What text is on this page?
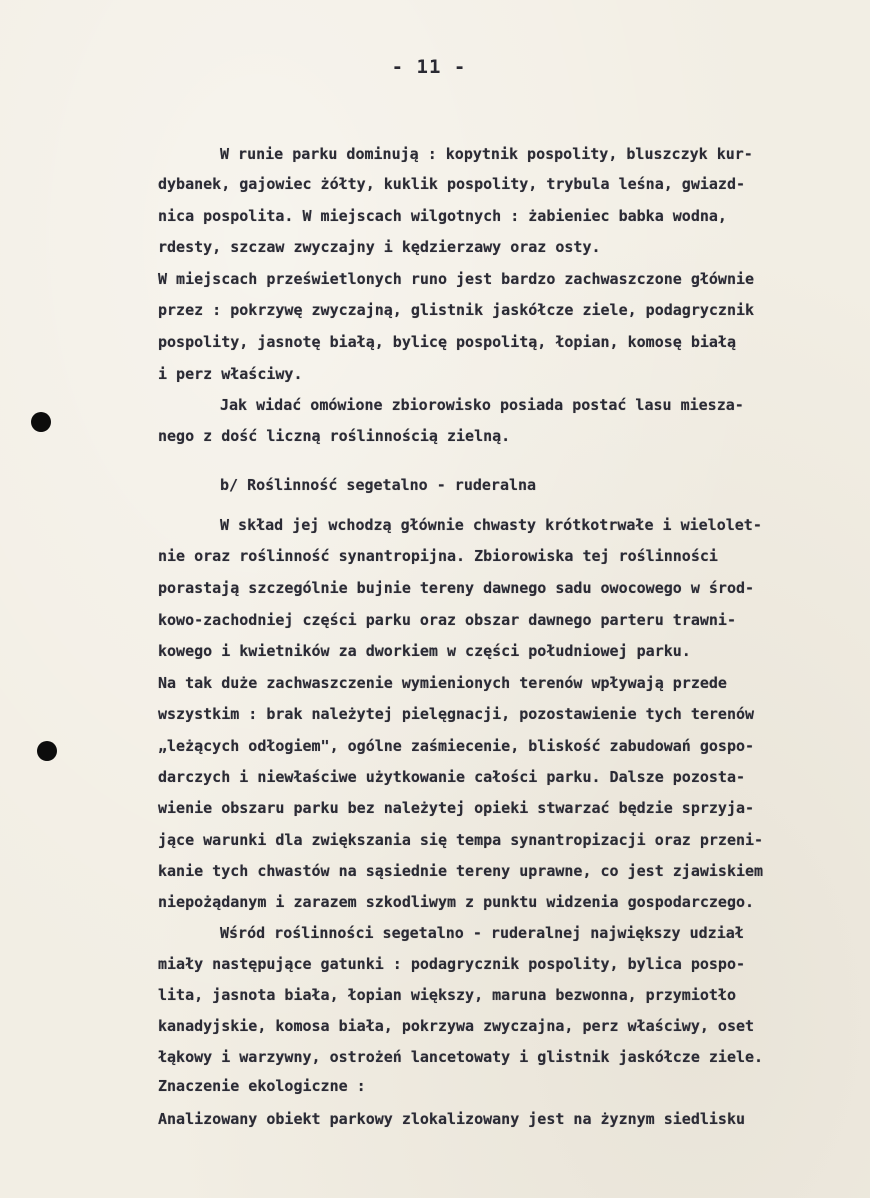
- 11 -
W runie parku dominują : kopytnik pospolity, bluszczyk kur-
dybanek, gajowiec żółty, kuklik pospolity, trybula leśna, gwiazd-
nica pospolita. W miejscach wilgotnych : żabieniec babka wodna,
rdesty, szczaw zwyczajny i kędzierzawy oraz osty.
W miejscach prześwietlonych runo jest bardzo zachwaszczone głównie
przez : pokrzywę zwyczajną, glistnik jaskółcze ziele, podagrycznik
pospolity, jasnotę białą, bylicę pospolitą, łopian, komosę białą
i perz właściwy.
Jak widać omówione zbiorowisko posiada postać lasu miesza-
nego z dość liczną roślinnością zielną.
b/ Roślinność segetalno - ruderalna
W skład jej wchodzą głównie chwasty krótkotrwałe i wielolet-
nie oraz roślinność synantropijna. Zbiorowiska tej roślinności
porastają szczególnie bujnie tereny dawnego sadu owocowego w środ-
kowo-zachodniej części parku oraz obszar dawnego parteru trawni-
kowego i kwietników za dworkiem w części południowej parku.
Na tak duże zachwaszczenie wymienionych terenów wpływają przede
wszystkim : brak należytej pielęgnacji, pozostawienie tych terenów
„leżących odłogiem", ogólne zaśmiecenie, bliskość zabudowań gospo-
darczych i niewłaściwe użytkowanie całości parku. Dalsze pozosta-
wienie obszaru parku bez należytej opieki stwarzać będzie sprzyja-
jące warunki dla zwiększania się tempa synantropizacji oraz przeni-
kanie tych chwastów na sąsiednie tereny uprawne, co jest zjawiskiem
niepożądanym i zarazem szkodliwym z punktu widzenia gospodarczego.
Wśród roślinności segetalno - ruderalnej największy udział
miały następujące gatunki : podagrycznik pospolity, bylica pospo-
lita, jasnota biała, łopian większy, maruna bezwonna, przymiotło
kanadyjskie, komosa biała, pokrzywa zwyczajna, perz właściwy, oset
łąkowy i warzywny, ostrożeń lancetowaty i glistnik jaskółcze ziele.
Znaczenie ekologiczne :
Analizowany obiekt parkowy zlokalizowany jest na żyznym siedlisku
